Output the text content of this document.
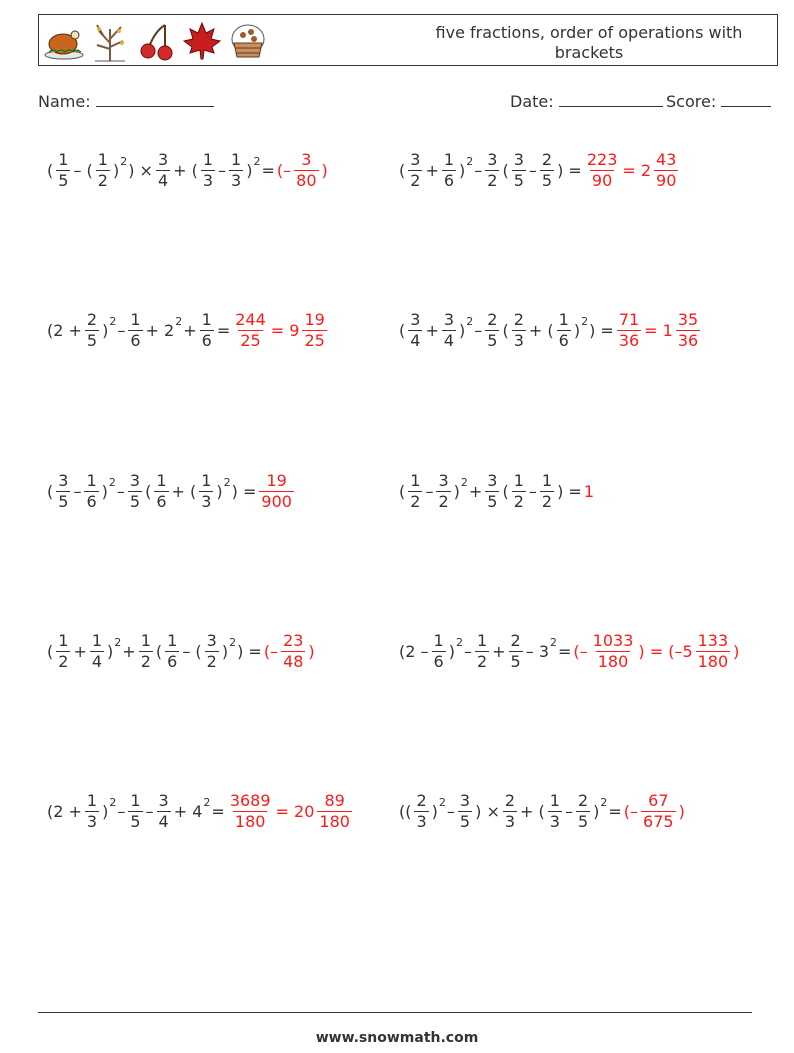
five fractions, order of operations with brackets
Name:	Date:	Score:
( $\frac{1}{5}$ – ( $\frac{1}{2}$ ) 2 ) × $\frac{3}{4}$ + ( $\frac{1}{3} - \frac{1}{3}$ ) 2 = (– $\frac{3}{80}$ )	( $\frac{3}{2} + \frac{1}{6}$ ) $2 - \frac{3}{2}$ ( $\frac{3}{5} - \frac{2}{5}$ ) = $\frac{223}{90} = 2 \frac{43}{90}$
($2 + \frac{2}{5}$ ) $2 - \frac{1}{6} + 2$ $2 + \frac{1}{6} = \frac{244}{25} = 9 \frac{19}{25}$	( $\frac{3}{4} + \frac{3}{4}$ ) $2 - \frac{2}{5}$ ( $\frac{2}{3}$ + ( $\frac{1}{6}$ ) 2 ) = $\frac{71}{36} = 1 \frac{35}{36}$
( $\frac{3}{5} - \frac{1}{6}$ ) $2 - \frac{3}{5}$ ( $\frac{1}{6}$ + ( $\frac{1}{3}$ ) 2 ) = $\frac{19}{900}$	( $\frac{1}{2} - \frac{3}{2}$ ) $2 + \frac{3}{5}$ ( $\frac{1}{2} - \frac{1}{2}$ ) = 1
( $\frac{1}{2} + \frac{1}{4}$ ) $2 + \frac{1}{2}$ ( $\frac{1}{6}$ – ( $\frac{3}{2}$ ) 2 ) = (– $\frac{23}{48}$ )	($2 - \frac{1}{6}$ ) $2 - \frac{1}{2} + \frac{2}{5} - 3$ 2 = (– $\frac{1033}{180}$ ) = ($-5 \frac{133}{180}$ )
($2 + \frac{1}{3}$ ) $2 - \frac{1}{5} - \frac{3}{4} + 4$ $2 = \frac{3689}{180} = 20 \frac{89}{180}$	(( $\frac{2}{3}$ ) $2 - \frac{3}{5}$ ) × $\frac{2}{3}$ + ( $\frac{1}{3} - \frac{2}{5}$ ) 2 = (– $\frac{67}{675}$ )
www.snowmath.com
